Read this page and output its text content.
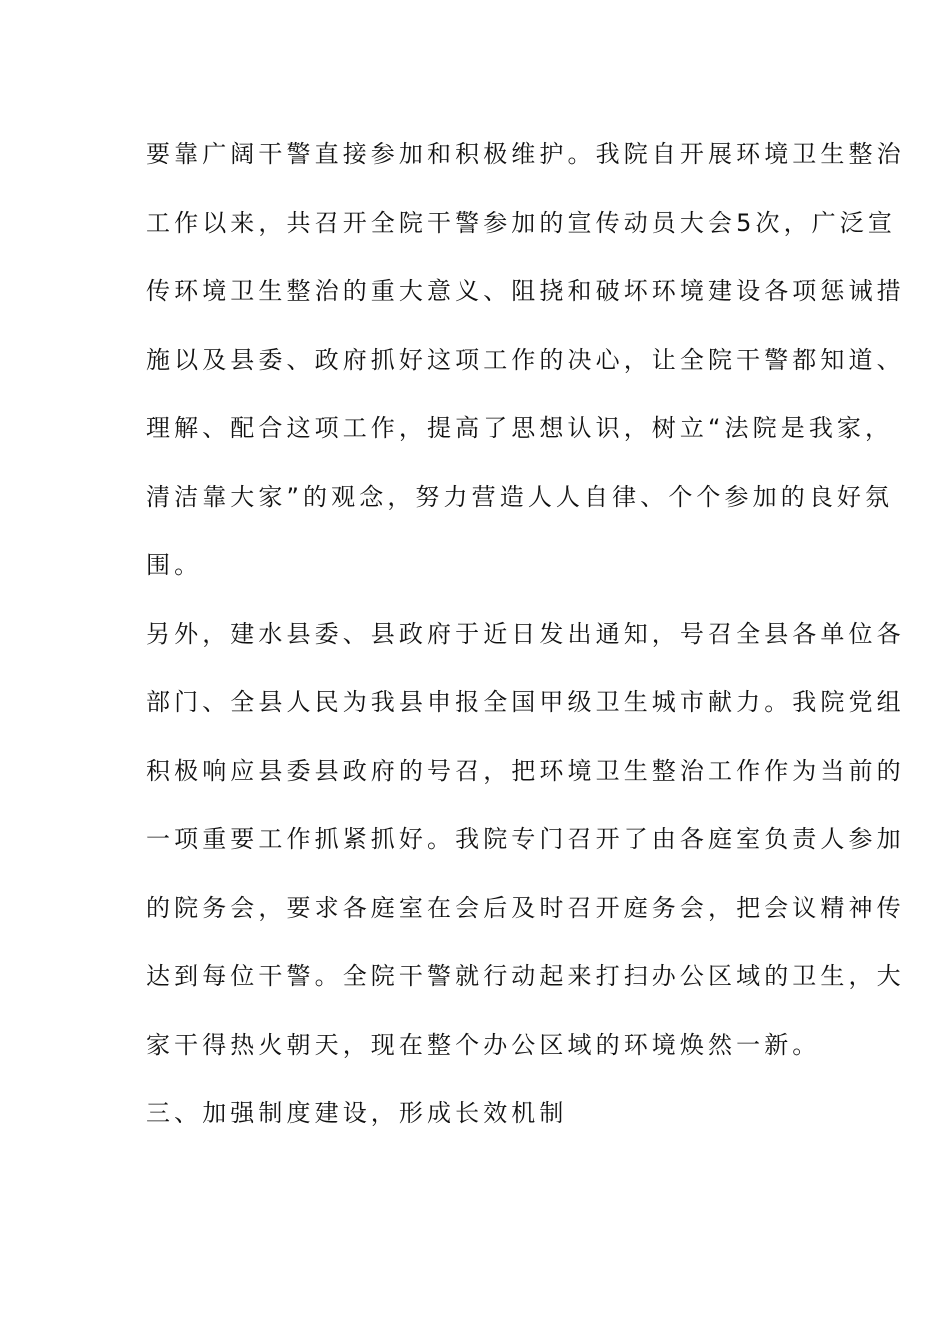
要靠广阔干警直接参加和积极维护。我院自开展环境卫生整治
工作以来，共召开全院干警参加的宣传动员大会5次，广泛宣
传环境卫生整治的重大意义、阻挠和破坏环境建设各项惩诫措
施以及县委、政府抓好这项工作的决心，让全院干警都知道、
理解、配合这项工作，提高了思想认识，树立“法院是我家，
清洁靠大家”的观念，努力营造人人自律、个个参加的良好氛
围。
另外，建水县委、县政府于近日发出通知，号召全县各单位各
部门、全县人民为我县申报全国甲级卫生城市献力。我院党组
积极响应县委县政府的号召，把环境卫生整治工作作为当前的
一项重要工作抓紧抓好。我院专门召开了由各庭室负责人参加
的院务会，要求各庭室在会后及时召开庭务会，把会议精神传
达到每位干警。全院干警就行动起来打扫办公区域的卫生，大
家干得热火朝天，现在整个办公区域的环境焕然一新。
三、加强制度建设，形成长效机制
